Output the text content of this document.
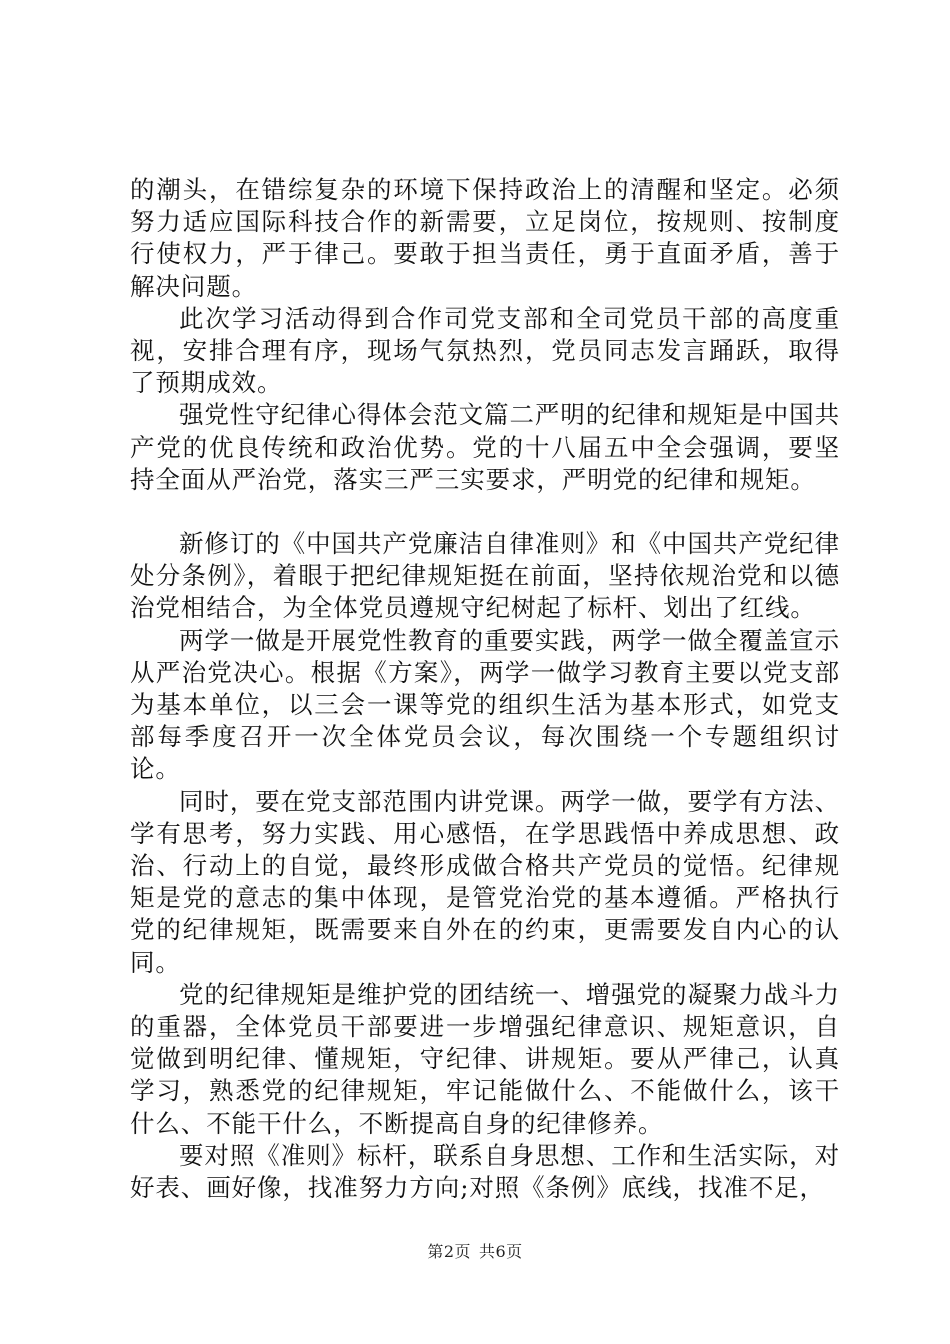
的潮头，在错综复杂的环境下保持政治上的清醒和坚定。必须努力适应国际科技合作的新需要，立足岗位，按规则、按制度行使权力，严于律己。要敢于担当责任，勇于直面矛盾，善于解决问题。

此次学习活动得到合作司党支部和全司党员干部的高度重视，安排合理有序，现场气氛热烈，党员同志发言踊跃，取得了预期成效。

强党性守纪律心得体会范文篇二严明的纪律和规矩是中国共产党的优良传统和政治优势。党的十八届五中全会强调，要坚持全面从严治党，落实三严三实要求，严明党的纪律和规矩。

新修订的《中国共产党廉洁自律准则》和《中国共产党纪律处分条例》，着眼于把纪律规矩挺在前面，坚持依规治党和以德治党相结合，为全体党员遵规守纪树起了标杆、划出了红线。

两学一做是开展党性教育的重要实践，两学一做全覆盖宣示从严治党决心。根据《方案》，两学一做学习教育主要以党支部为基本单位，以三会一课等党的组织生活为基本形式，如党支部每季度召开一次全体党员会议，每次围绕一个专题组织讨论。

同时，要在党支部范围内讲党课。两学一做，要学有方法、学有思考，努力实践、用心感悟，在学思践悟中养成思想、政治、行动上的自觉，最终形成做合格共产党员的觉悟。纪律规矩是党的意志的集中体现，是管党治党的基本遵循。严格执行党的纪律规矩，既需要来自外在的约束，更需要发自内心的认同。

党的纪律规矩是维护党的团结统一、增强党的凝聚力战斗力的重器，全体党员干部要进一步增强纪律意识、规矩意识，自觉做到明纪律、懂规矩，守纪律、讲规矩。要从严律己，认真学习，熟悉党的纪律规矩，牢记能做什么、不能做什么，该干什么、不能干什么，不断提高自身的纪律修养。

要对照《准则》标杆，联系自身思想、工作和生活实际，对好表、画好像，找准努力方向;对照《条例》底线，找准不足，

第2页 共6页
